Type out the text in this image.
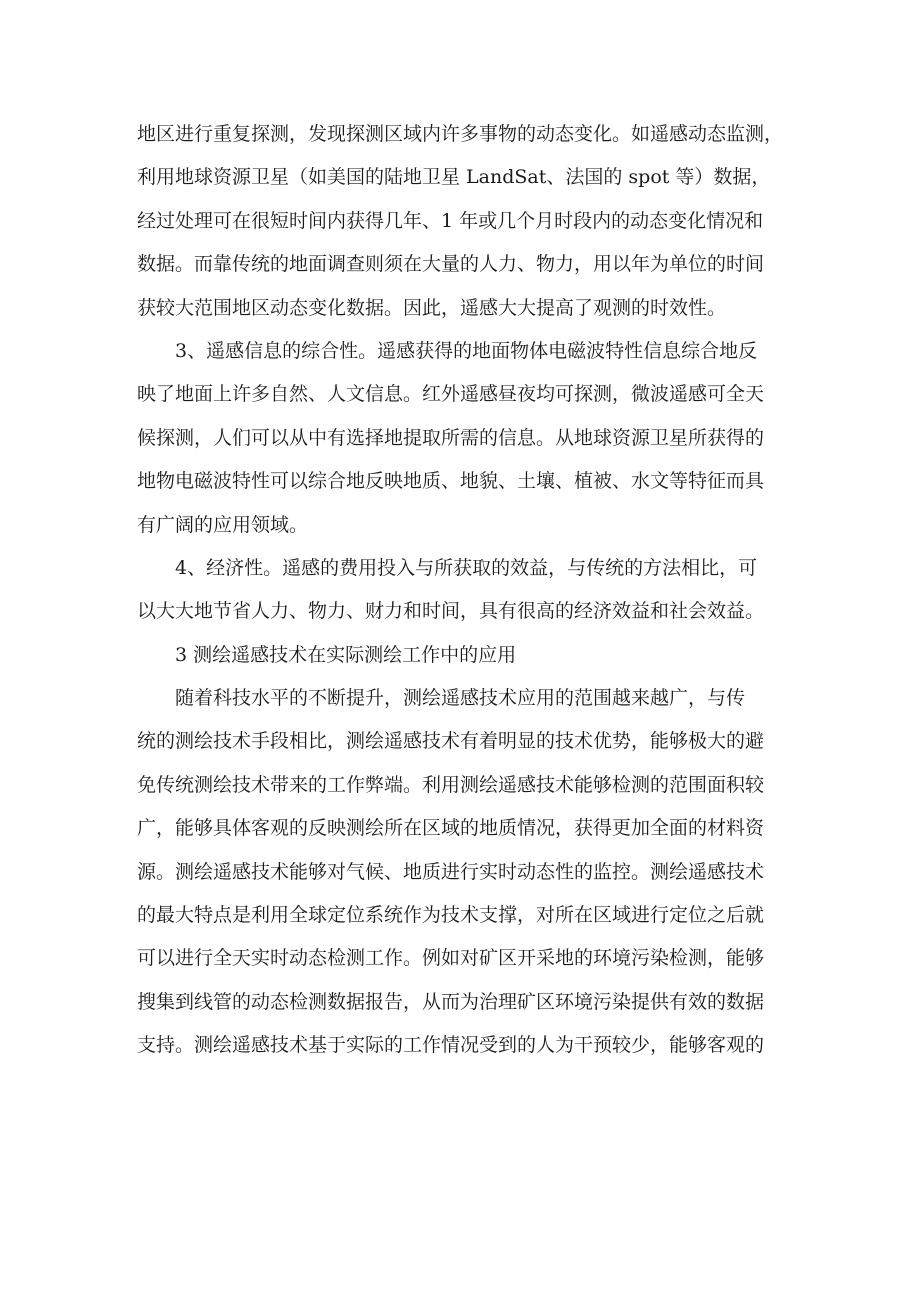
地区进行重复探测，发现探测区域内许多事物的动态变化。如遥感动态监测，
利用地球资源卫星（如美国的陆地卫星 LandSat、法国的 spot 等）数据，
经过处理可在很短时间内获得几年、1 年或几个月时段内的动态变化情况和
数据。而靠传统的地面调查则须在大量的人力、物力，用以年为单位的时间
获较大范围地区动态变化数据。因此，遥感大大提高了观测的时效性。
3、遥感信息的综合性。遥感获得的地面物体电磁波特性信息综合地反
映了地面上许多自然、人文信息。红外遥感昼夜均可探测，微波遥感可全天
候探测，人们可以从中有选择地提取所需的信息。从地球资源卫星所获得的
地物电磁波特性可以综合地反映地质、地貌、土壤、植被、水文等特征而具
有广阔的应用领域。
4、经济性。遥感的费用投入与所获取的效益，与传统的方法相比，可
以大大地节省人力、物力、财力和时间，具有很高的经济效益和社会效益。
3 测绘遥感技术在实际测绘工作中的应用
随着科技水平的不断提升，测绘遥感技术应用的范围越来越广，与传
统的测绘技术手段相比，测绘遥感技术有着明显的技术优势，能够极大的避
免传统测绘技术带来的工作弊端。利用测绘遥感技术能够检测的范围面积较
广，能够具体客观的反映测绘所在区域的地质情况，获得更加全面的材料资
源。测绘遥感技术能够对气候、地质进行实时动态性的监控。测绘遥感技术
的最大特点是利用全球定位系统作为技术支撑，对所在区域进行定位之后就
可以进行全天实时动态检测工作。例如对矿区开采地的环境污染检测，能够
搜集到线管的动态检测数据报告，从而为治理矿区环境污染提供有效的数据
支持。测绘遥感技术基于实际的工作情况受到的人为干预较少，能够客观的
